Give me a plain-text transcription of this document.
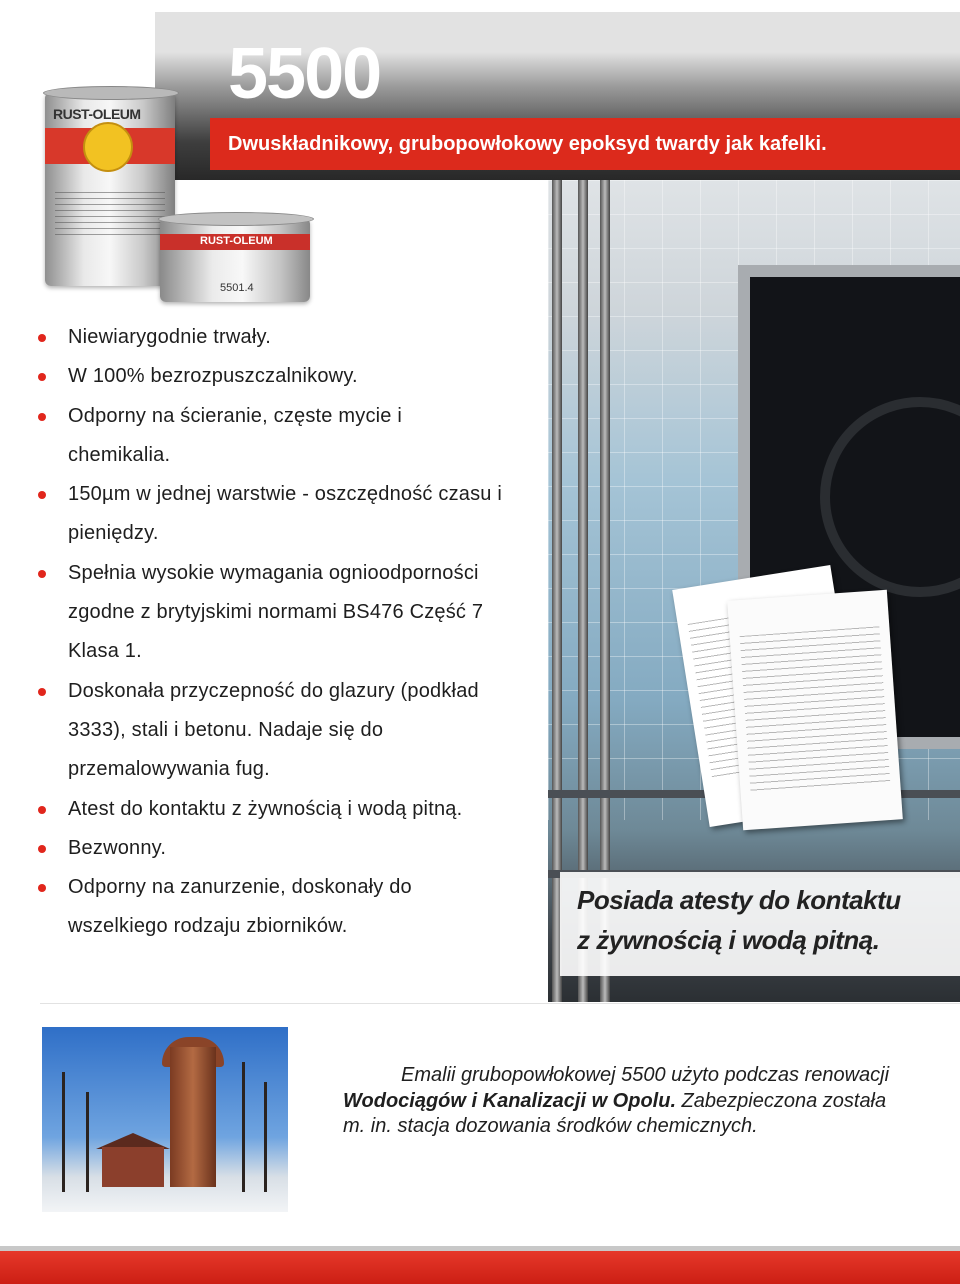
5500
Dwuskładnikowy, grubopowłokowy epoksyd twardy jak kafelki.
RUST-OLEUM
RUST-OLEUM
5501.4
Posiada atesty do kontaktu
z żywnością i wodą pitną.
Niewiarygodnie trwały.
W 100% bezrozpuszczalnikowy.
Odporny na ścieranie, częste mycie i chemikalia.
150µm w jednej warstwie - oszczędność czasu i pieniędzy.
Spełnia wysokie wymagania ognioodporności zgodne z brytyjskimi normami BS476 Część 7 Klasa 1.
Doskonała przyczepność do glazury (podkład 3333), stali i betonu. Nadaje się do przemalowywania fug.
Atest do kontaktu z żywnością i wodą pitną.
Bezwonny.
Odporny na zanurzenie, doskonały do wszelkiego rodzaju zbiorników.

Emalii grubopowłokowej 5500 użyto podczas renowacji Wodociągów i Kanalizacji w Opolu. Zabezpieczona została m. in. stacja dozowania środków chemicznych.
